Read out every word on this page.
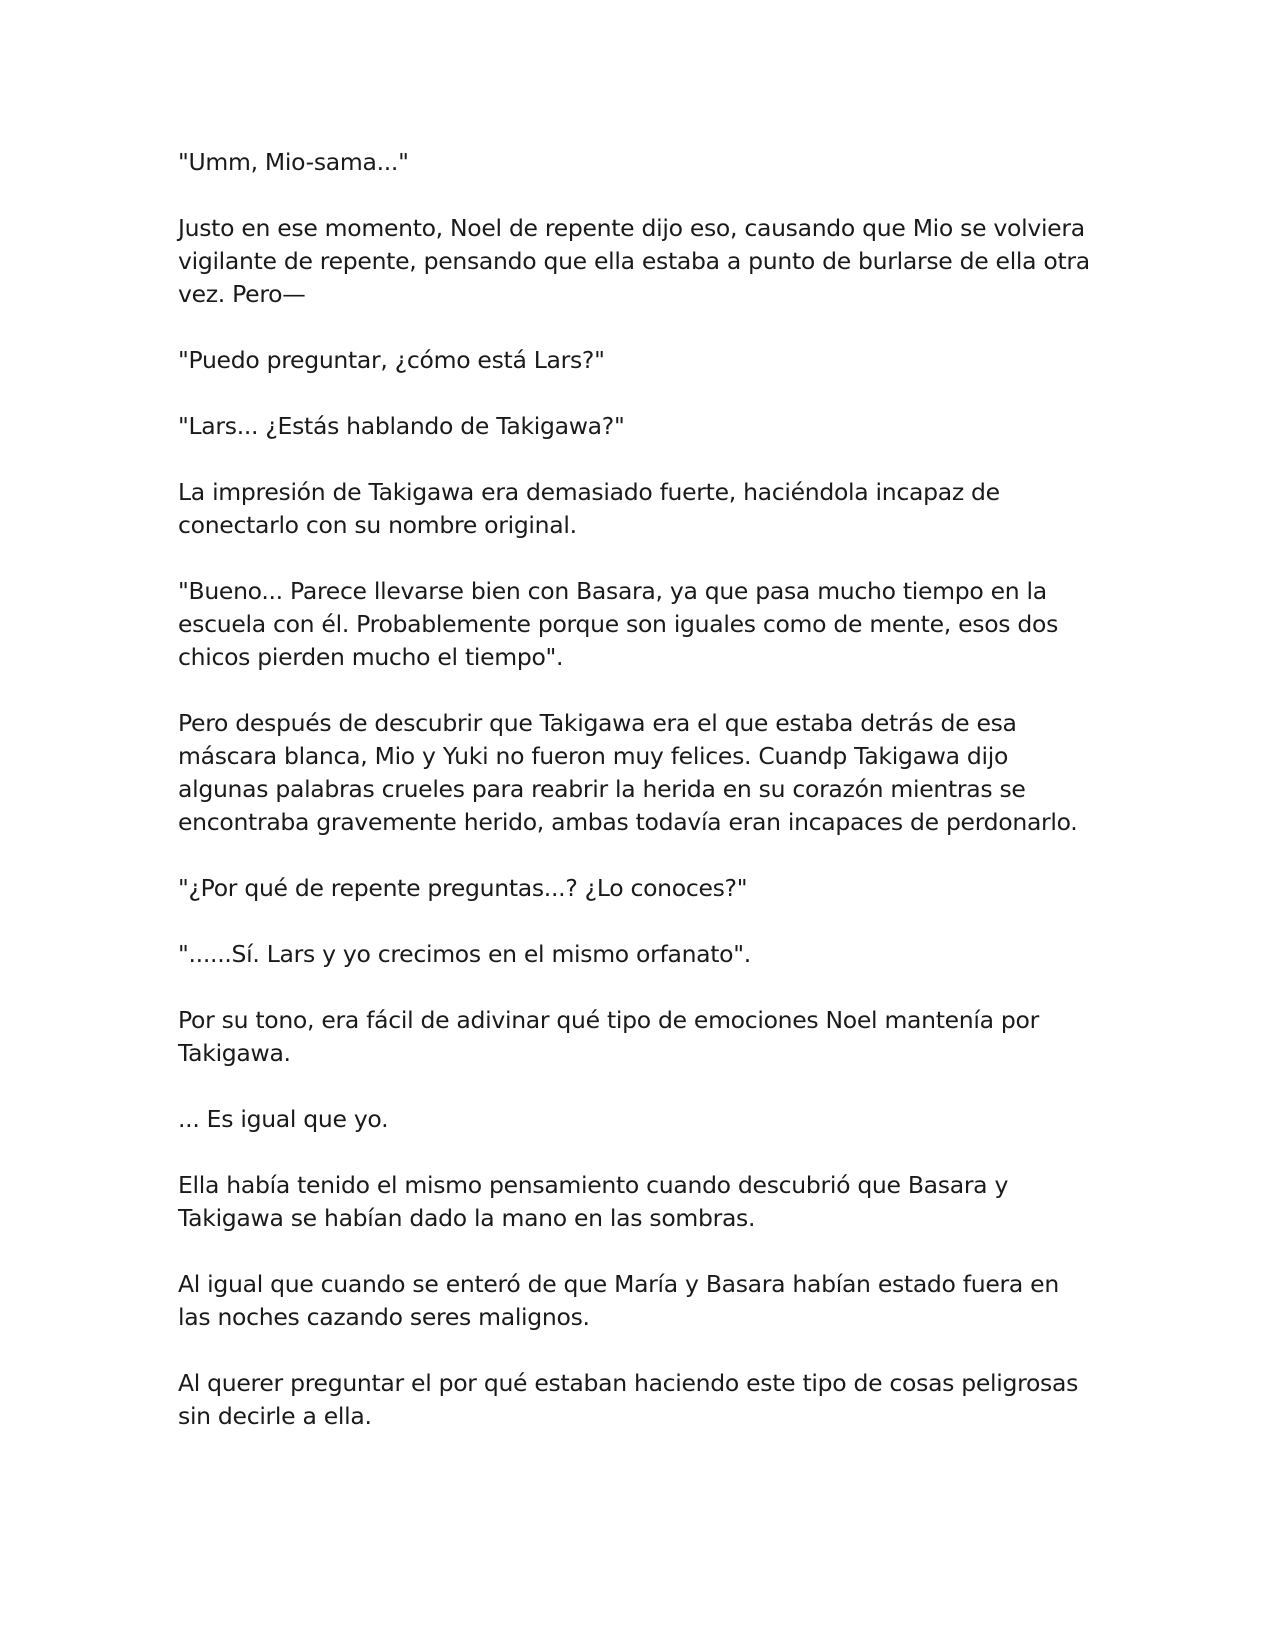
"Umm, Mio-sama..."

Justo en ese momento, Noel de repente dijo eso, causando que Mio se volviera vigilante de repente, pensando que ella estaba a punto de burlarse de ella otra vez. Pero—

"Puedo preguntar, ¿cómo está Lars?"

"Lars... ¿Estás hablando de Takigawa?"

La impresión de Takigawa era demasiado fuerte, haciéndola incapaz de conectarlo con su nombre original.

"Bueno... Parece llevarse bien con Basara, ya que pasa mucho tiempo en la escuela con él. Probablemente porque son iguales como de mente, esos dos chicos pierden mucho el tiempo".

Pero después de descubrir que Takigawa era el que estaba detrás de esa máscara blanca, Mio y Yuki no fueron muy felices. Cuandp Takigawa dijo algunas palabras crueles para reabrir la herida en su corazón mientras se encontraba gravemente herido, ambas todavía eran incapaces de perdonarlo.

"¿Por qué de repente preguntas...? ¿Lo conoces?"

"......Sí. Lars y yo crecimos en el mismo orfanato".

Por su tono, era fácil de adivinar qué tipo de emociones Noel mantenía por Takigawa.

... Es igual que yo.

Ella había tenido el mismo pensamiento cuando descubrió que Basara y Takigawa se habían dado la mano en las sombras.

Al igual que cuando se enteró de que María y Basara habían estado fuera en las noches cazando seres malignos.

Al querer preguntar el por qué estaban haciendo este tipo de cosas peligrosas sin decirle a ella.
